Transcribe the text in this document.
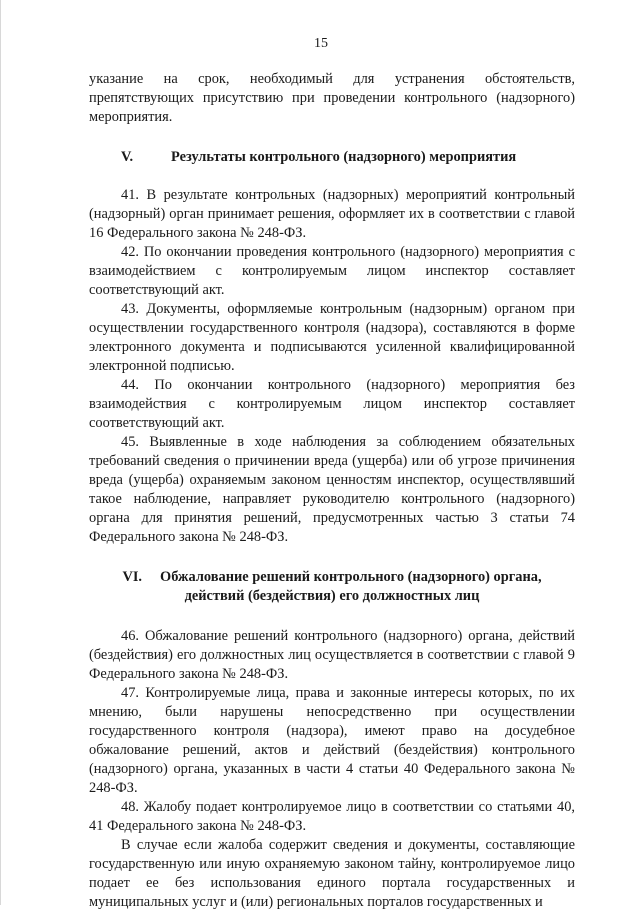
15

указание на срок, необходимый для устранения обстоятельств, препятствующих присутствию при проведении контрольного (надзорного) мероприятия.

V.	Результаты контрольного (надзорного) мероприятия

41. В результате контрольных (надзорных) мероприятий контрольный (надзорный) орган принимает решения, оформляет их в соответствии с главой 16 Федерального закона № 248-ФЗ.

42. По окончании проведения контрольного (надзорного) мероприятия с взаимодействием с контролируемым лицом инспектор составляет соответствующий акт.

43. Документы, оформляемые контрольным (надзорным) органом при осуществлении государственного контроля (надзора), составляются в форме электронного документа и подписываются усиленной квалифицированной электронной подписью.

44. По окончании контрольного (надзорного) мероприятия без взаимодействия с контролируемым лицом инспектор составляет соответствующий акт.

45. Выявленные в ходе наблюдения за соблюдением обязательных требований сведения о причинении вреда (ущерба) или об угрозе причинения вреда (ущерба) охраняемым законом ценностям инспектор, осуществлявший такое наблюдение, направляет руководителю контрольного (надзорного) органа для принятия решений, предусмотренных частью 3 статьи 74 Федерального закона № 248-ФЗ.

VI. Обжалование решений контрольного (надзорного) органа,
действий (бездействия) его должностных лиц

46. Обжалование решений контрольного (надзорного) органа, действий (бездействия) его должностных лиц осуществляется в соответствии с главой 9 Федерального закона № 248-ФЗ.

47. Контролируемые лица, права и законные интересы которых, по их мнению, были нарушены непосредственно при осуществлении государственного контроля (надзора), имеют право на досудебное обжалование решений, актов и действий (бездействия) контрольного (надзорного) органа, указанных в части 4 статьи 40 Федерального закона № 248-ФЗ.

48. Жалобу подает контролируемое лицо в соответствии со статьями 40, 41 Федерального закона № 248-ФЗ.

В случае если жалоба содержит сведения и документы, составляющие государственную или иную охраняемую законом тайну, контролируемое лицо подает ее без использования единого портала государственных и муниципальных услуг и (или) региональных порталов государственных и
